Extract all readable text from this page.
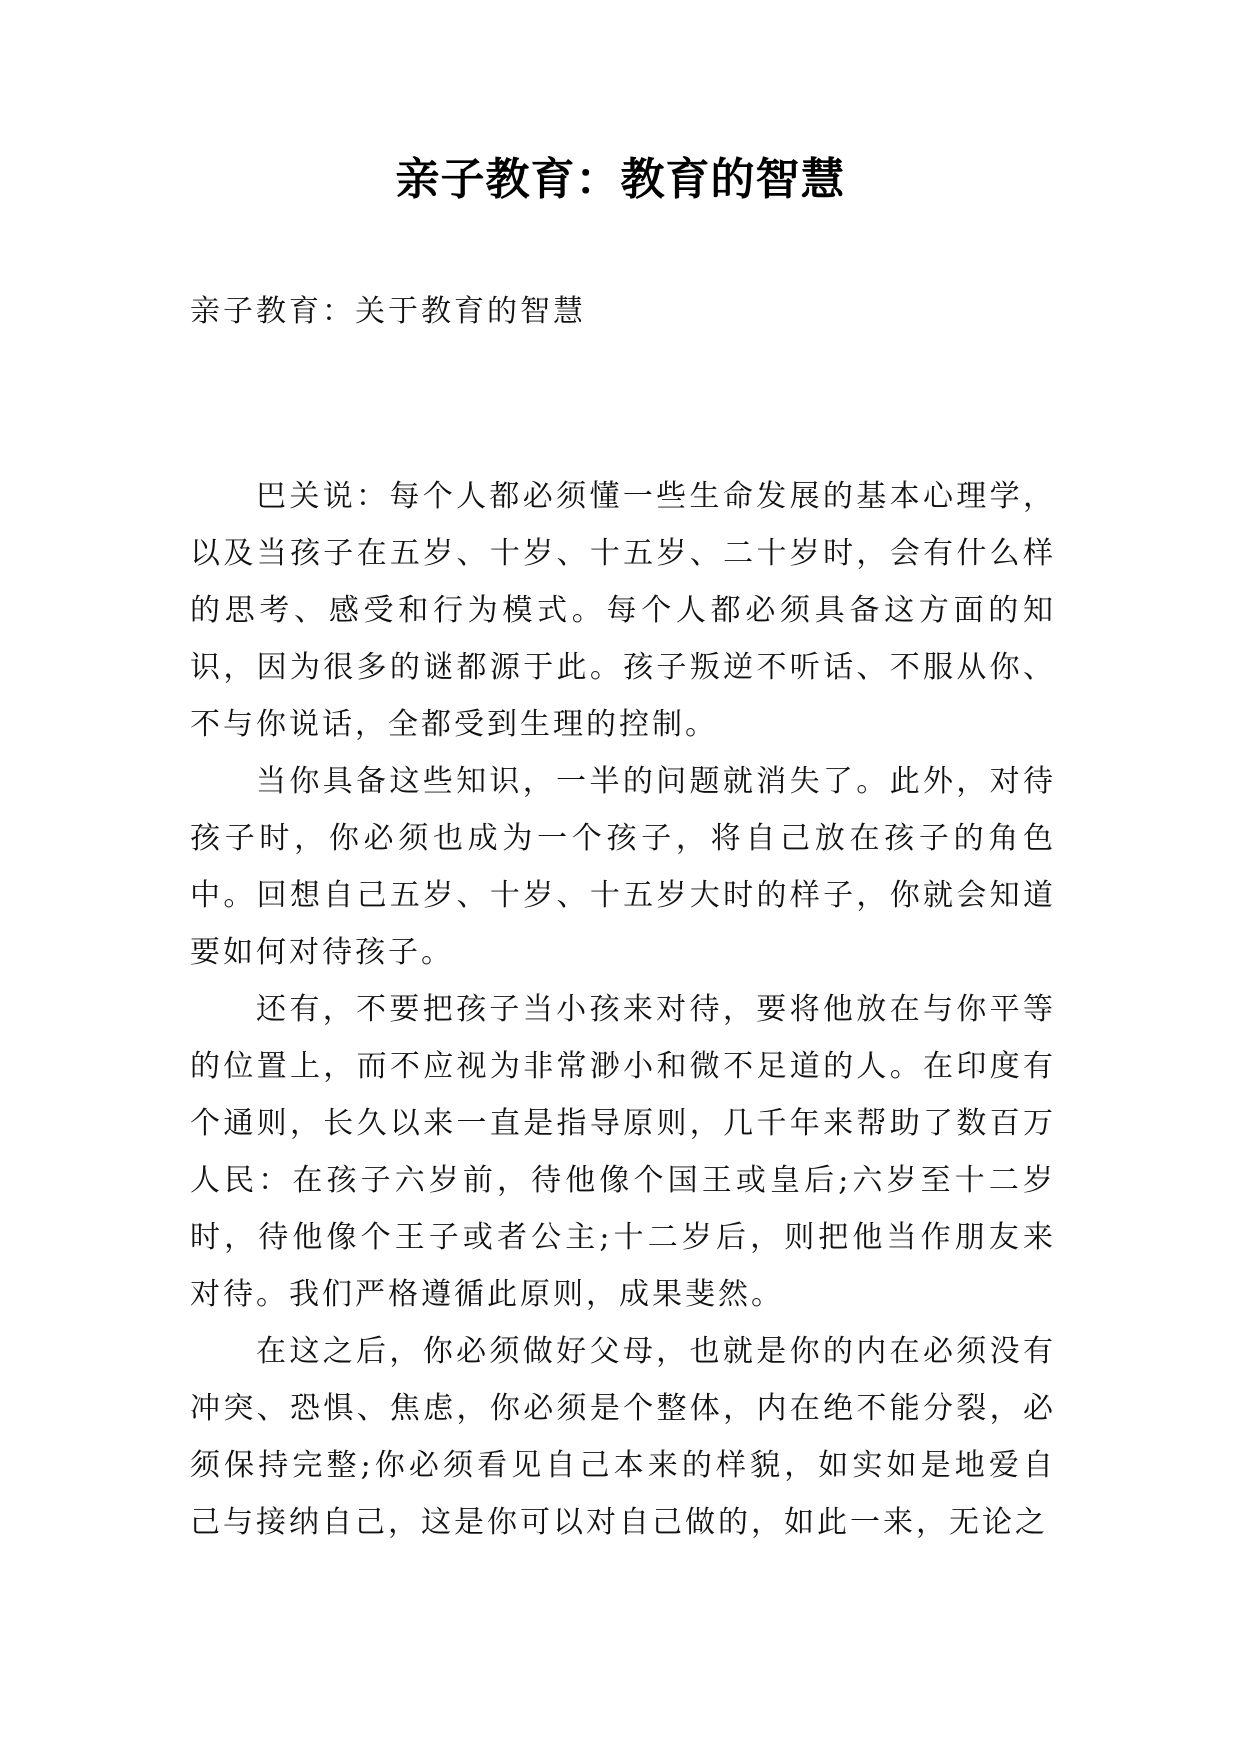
亲子教育：教育的智慧

亲子教育：关于教育的智慧

巴关说：每个人都必须懂一些生命发展的基本心理学，以及当孩子在五岁、十岁、十五岁、二十岁时，会有什么样的思考、感受和行为模式。每个人都必须具备这方面的知识，因为很多的谜都源于此。孩子叛逆不听话、不服从你、不与你说话，全都受到生理的控制。

当你具备这些知识，一半的问题就消失了。此外，对待孩子时，你必须也成为一个孩子，将自己放在孩子的角色中。回想自己五岁、十岁、十五岁大时的样子，你就会知道要如何对待孩子。

还有，不要把孩子当小孩来对待，要将他放在与你平等的位置上，而不应视为非常渺小和微不足道的人。在印度有个通则，长久以来一直是指导原则，几千年来帮助了数百万人民：在孩子六岁前，待他像个国王或皇后;六岁至十二岁时，待他像个王子或者公主;十二岁后，则把他当作朋友来对待。我们严格遵循此原则，成果斐然。

在这之后，你必须做好父母，也就是你的内在必须没有冲突、恐惧、焦虑，你必须是个整体，内在绝不能分裂，必须保持完整;你必须看见自己本来的样貌，如实如是地爱自己与接纳自己，这是你可以对自己做的，如此一来，无论之
